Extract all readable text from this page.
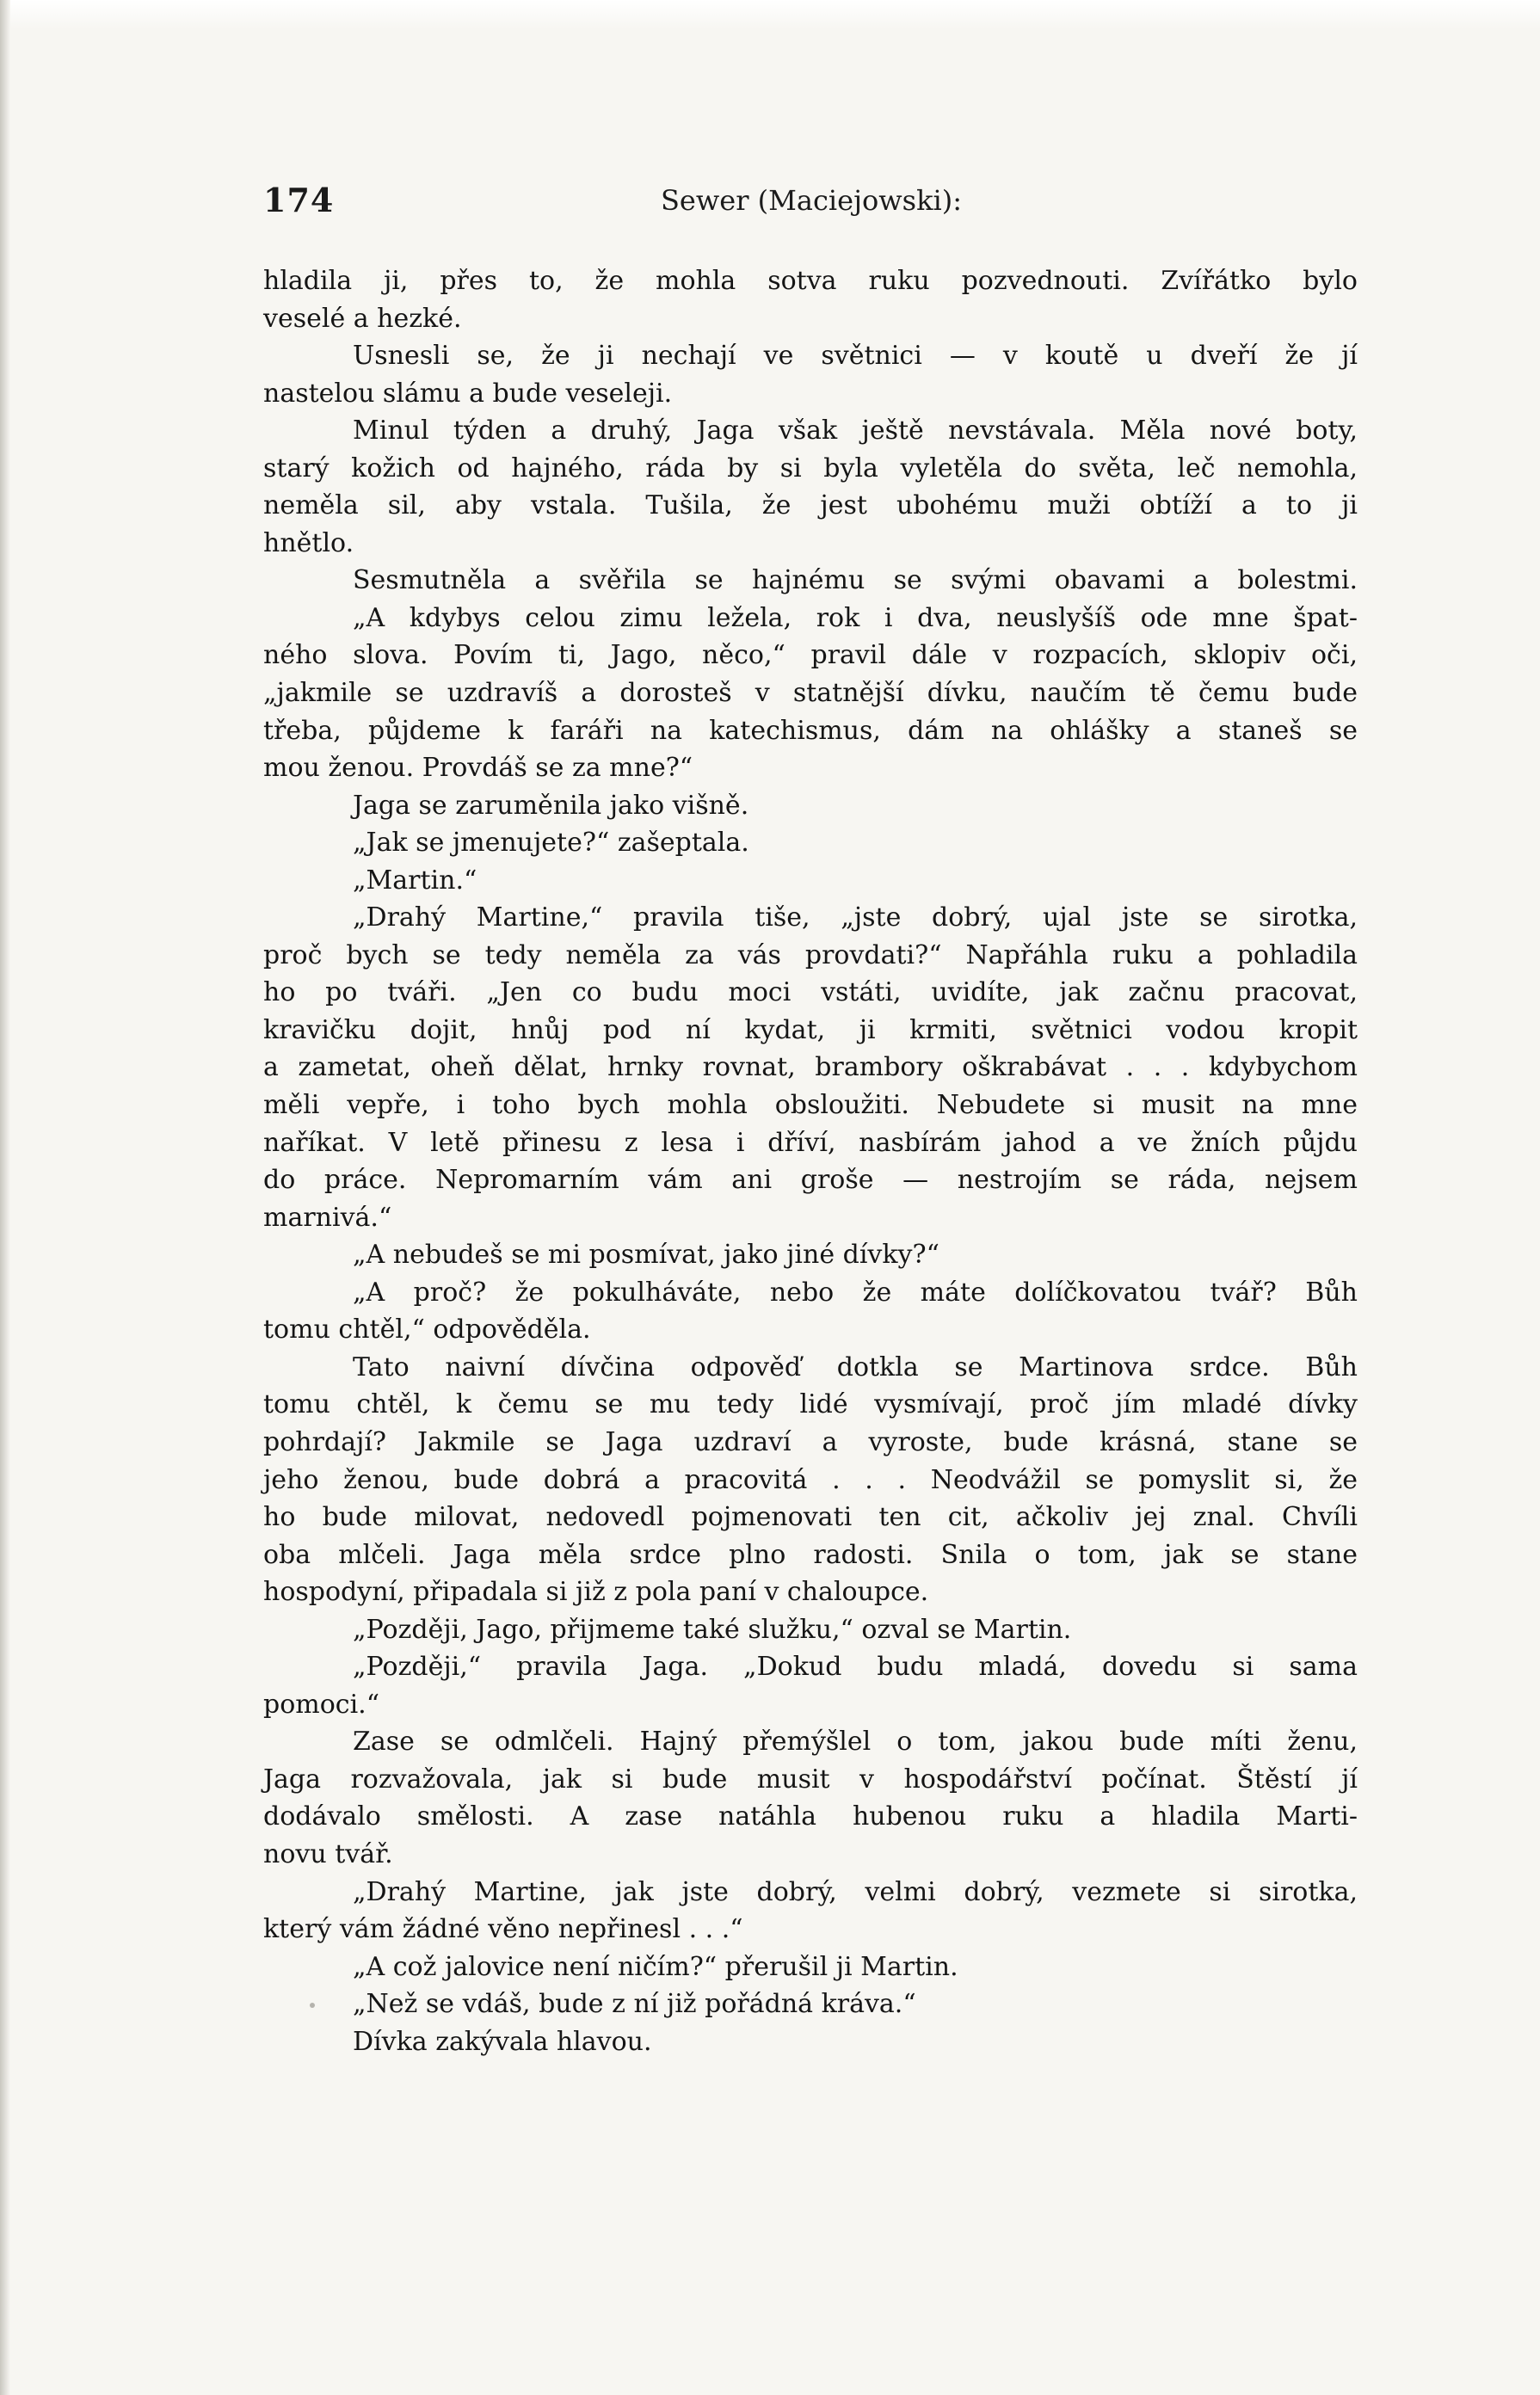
174	Sewer (Maciejowski):
hladila ji, přes to, že mohla sotva ruku pozvednouti. Zvířátko bylo
veselé a hezké.
Usnesli se, že ji nechají ve světnici — v koutě u dveří že jí
nastelou slámu a bude veseleji.
Minul týden a druhý, Jaga však ještě nevstávala. Měla nové boty,
starý kožich od hajného, ráda by si byla vyletěla do světa, leč nemohla,
neměla sil, aby vstala. Tušila, že jest ubohému muži obtíží a to ji
hnětlo.
Sesmutněla a svěřila se hajnému se svými obavami a bolestmi.
„A kdybys celou zimu ležela, rok i dva, neuslyšíš ode mne špat-
ného slova. Povím ti, Jago, něco,“ pravil dále v rozpacích, sklopiv oči,
„jakmile se uzdravíš a dorosteš v statnější dívku, naučím tě čemu bude
třeba, půjdeme k faráři na katechismus, dám na ohlášky a staneš se
mou ženou. Provdáš se za mne?“
Jaga se zaruměnila jako višně.
„Jak se jmenujete?“ zašeptala.
„Martin.“
„Drahý Martine,“ pravila tiše, „jste dobrý, ujal jste se sirotka,
proč bych se tedy neměla za vás provdati?“ Napřáhla ruku a pohladila
ho po tváři. „Jen co budu moci vstáti, uvidíte, jak začnu pracovat,
kravičku dojit, hnůj pod ní kydat, ji krmiti, světnici vodou kropit
a zametat, oheň dělat, hrnky rovnat, brambory oškrabávat . . . kdybychom
měli vepře, i toho bych mohla obsloužiti. Nebudete si musit na mne
naříkat. V letě přinesu z lesa i dříví, nasbírám jahod a ve žních půjdu
do práce. Nepromarním vám ani groše — nestrojím se ráda, nejsem
marnivá.“
„A nebudeš se mi posmívat, jako jiné dívky?“
„A proč? že pokulháváte, nebo že máte dolíčkovatou tvář? Bůh
tomu chtěl,“ odpověděla.
Tato naivní dívčina odpověď dotkla se Martinova srdce. Bůh
tomu chtěl, k čemu se mu tedy lidé vysmívají, proč jím mladé dívky
pohrdají? Jakmile se Jaga uzdraví a vyroste, bude krásná, stane se
jeho ženou, bude dobrá a pracovitá . . . Neodvážil se pomyslit si, že
ho bude milovat, nedovedl pojmenovati ten cit, ačkoliv jej znal. Chvíli
oba mlčeli. Jaga měla srdce plno radosti. Snila o tom, jak se stane
hospodyní, připadala si již z pola paní v chaloupce.
„Později, Jago, přijmeme také služku,“ ozval se Martin.
„Později,“ pravila Jaga. „Dokud budu mladá, dovedu si sama
pomoci.“
Zase se odmlčeli. Hajný přemýšlel o tom, jakou bude míti ženu,
Jaga rozvažovala, jak si bude musit v hospodářství počínat. Štěstí jí
dodávalo smělosti. A zase natáhla hubenou ruku a hladila Marti-
novu tvář.
„Drahý Martine, jak jste dobrý, velmi dobrý, vezmete si sirotka,
který vám žádné věno nepřinesl . . .“
„A což jalovice není ničím?“ přerušil ji Martin.
„Než se vdáš, bude z ní již pořádná kráva.“
Dívka zakývala hlavou.
